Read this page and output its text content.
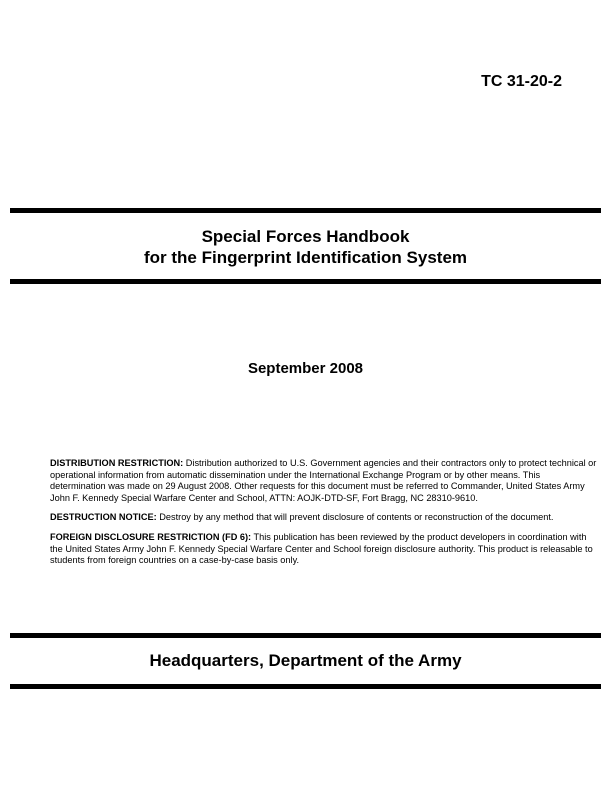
TC 31-20-2
Special Forces Handbook
for the Fingerprint Identification System
September 2008

DISTRIBUTION RESTRICTION: Distribution authorized to U.S. Government agencies and their contractors only to protect technical or operational information from automatic dissemination under the International Exchange Program or by other means. This determination was made on 29 August 2008. Other requests for this document must be referred to Commander, United States Army John F. Kennedy Special Warfare Center and School, ATTN: AOJK-DTD-SF, Fort Bragg, NC 28310-9610.

DESTRUCTION NOTICE: Destroy by any method that will prevent disclosure of contents or reconstruction of the document.

FOREIGN DISCLOSURE RESTRICTION (FD 6): This publication has been reviewed by the product developers in coordination with the United States Army John F. Kennedy Special Warfare Center and School foreign disclosure authority. This product is releasable to students from foreign countries on a case-by-case basis only.

Headquarters, Department of the Army
